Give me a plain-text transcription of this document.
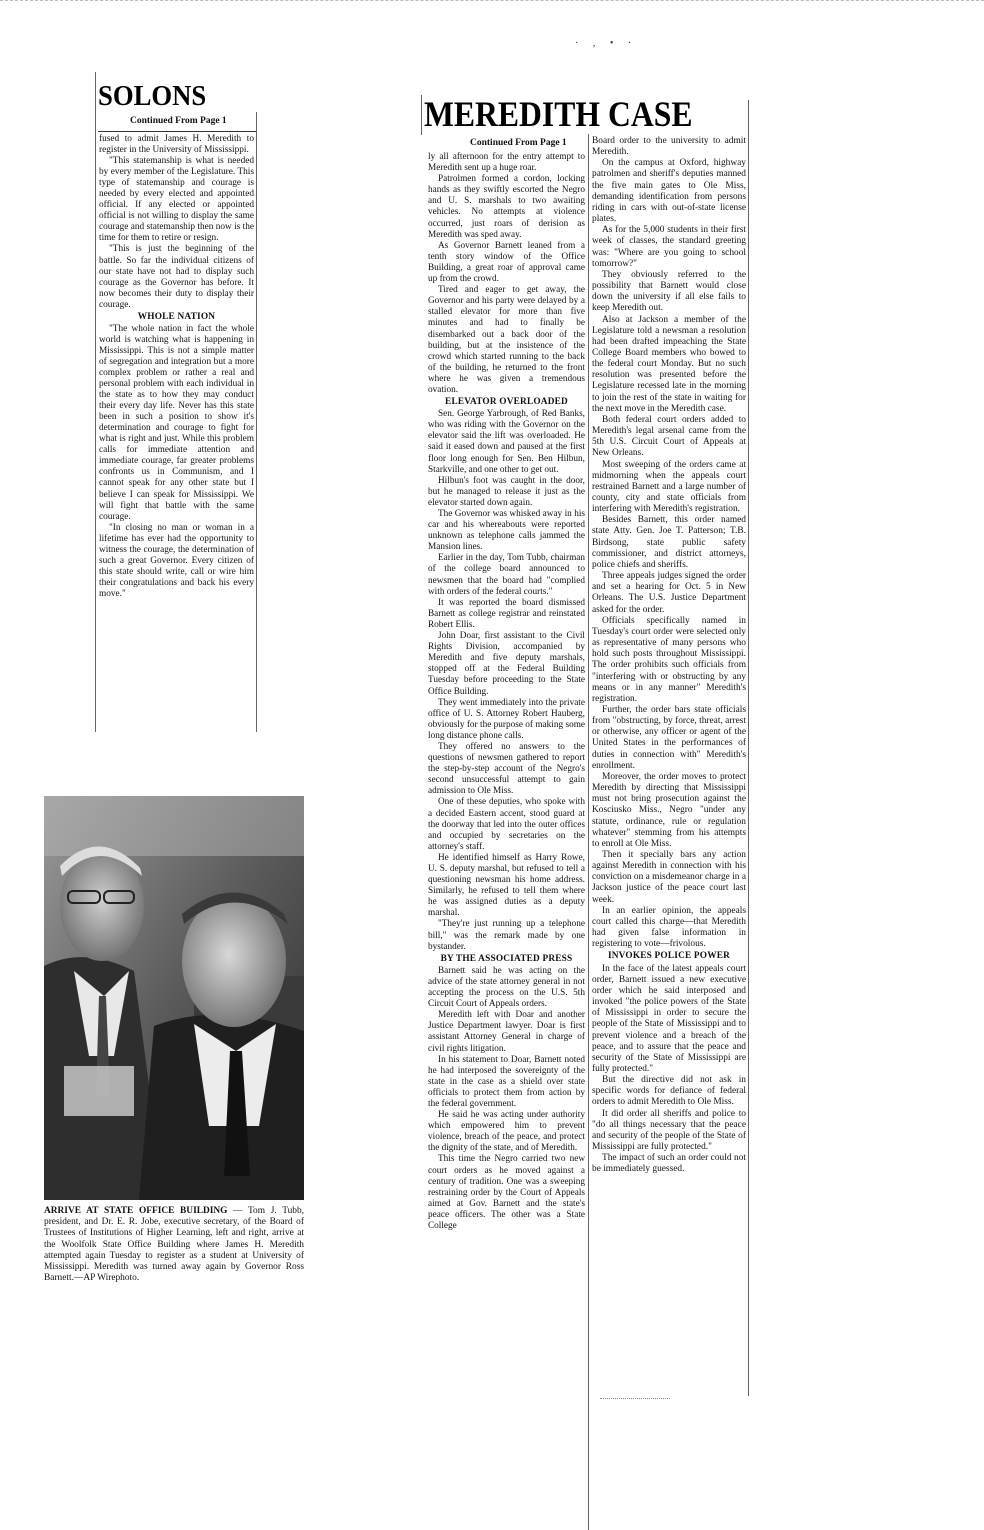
· , • ·
SOLONS
Continued From Page 1

fused to admit James H. Meredith to register in the University of Mississippi.

"This statemanship is what is needed by every member of the Legislature. This type of statemanship and courage is needed by every elected and appointed official. If any elected or appointed official is not willing to display the same courage and statemanship then now is the time for them to retire or resign.

"This is just the beginning of the battle. So far the individual citizens of our state have not had to display such courage as the Governor has before. It now becomes their duty to display their courage.

WHOLE NATION

"The whole nation in fact the whole world is watching what is happening in Mississippi. This is not a simple matter of segregation and integration but a more complex problem or rather a real and personal problem with each individual in the state as to how they may conduct their every day life. Never has this state been in such a position to show it's determination and courage to fight for what is right and just. While this problem calls for immediate attention and immediate courage, far greater problems confronts us in Communism, and I cannot speak for any other state but I believe I can speak for Mississippi. We will fight that battle with the same courage.

"In closing no man or woman in a lifetime has ever had the opportunity to witness the courage, the determination of such a great Governor. Every citizen of this state should write, call or wire him their congratulations and back his every move."

ARRIVE AT STATE OFFICE BUILDING — Tom J. Tubb, president, and Dr. E. R. Jobe, executive secretary, of the Board of Trustees of Institutions of Higher Learning, left and right, arrive at the Woolfolk State Office Building where James H. Meredith attempted again Tuesday to register as a student at University of Mississippi. Meredith was turned away again by Governor Ross Barnett.—AP Wirephoto.
MEREDITH CASE
Continued From Page 1

ly all afternoon for the entry attempt to Meredith sent up a huge roar.

Patrolmen formed a cordon, locking hands as they swiftly escorted the Negro and U. S. marshals to two awaiting vehicles. No attempts at violence occurred, just roars of derision as Meredith was sped away.

As Governor Barnett leaned from a tenth story window of the Office Building, a great roar of approval came up from the crowd.

Tired and eager to get away, the Governor and his party were delayed by a stalled elevator for more than five minutes and had to finally be disembarked out a back door of the building, but at the insistence of the crowd which started running to the back of the building, he returned to the front where he was given a tremendous ovation.

ELEVATOR OVERLOADED

Sen. George Yarbrough, of Red Banks, who was riding with the Governor on the elevator said the lift was overloaded. He said it eased down and paused at the first floor long enough for Sen. Ben Hilbun, Starkville, and one other to get out.

Hilbun's foot was caught in the door, but he managed to release it just as the elevator started down again.

The Governor was whisked away in his car and his whereabouts were reported unknown as telephone calls jammed the Mansion lines.

Earlier in the day, Tom Tubb, chairman of the college board announced to newsmen that the board had "complied with orders of the federal courts."

It was reported the board dismissed Barnett as college registrar and reinstated Robert Ellis.

John Doar, first assistant to the Civil Rights Division, accompanied by Meredith and five deputy marshals, stopped off at the Federal Building Tuesday before proceeding to the State Office Building.

They went immediately into the private office of U. S. Attorney Robert Hauberg, obviously for the purpose of making some long distance phone calls.

They offered no answers to the questions of newsmen gathered to report the step-by-step account of the Negro's second unsuccessful attempt to gain admission to Ole Miss.

One of these deputies, who spoke with a decided Eastern accent, stood guard at the doorway that led into the outer offices and occupied by secretaries on the attorney's staff.

He identified himself as Harry Rowe, U. S. deputy marshal, but refused to tell a questioning newsman his home address. Similarly, he refused to tell them where he was assigned duties as a deputy marshal.

"They're just running up a telephone bill," was the remark made by one bystander.

BY THE ASSOCIATED PRESS

Barnett said he was acting on the advice of the state attorney general in not accepting the process on the U.S. 5th Circuit Court of Appeals orders.

Meredith left with Doar and another Justice Department lawyer. Doar is first assistant Attorney General in charge of civil rights litigation.

In his statement to Doar, Barnett noted he had interposed the sovereignty of the state in the case as a shield over state officials to protect them from action by the federal government.

He said he was acting under authority which empowered him to prevent violence, breach of the peace, and protect the dignity of the state, and of Meredith.

This time the Negro carried two new court orders as he moved against a century of tradition. One was a sweeping restraining order by the Court of Appeals aimed at Gov. Barnett and the state's peace officers. The other was a State College

Board order to the university to admit Meredith.

On the campus at Oxford, highway patrolmen and sheriff's deputies manned the five main gates to Ole Miss, demanding identification from persons riding in cars with out-of-state license plates.

As for the 5,000 students in their first week of classes, the standard greeting was: "Where are you going to school tomorrow?"

They obviously referred to the possibility that Barnett would close down the university if all else fails to keep Meredith out.

Also at Jackson a member of the Legislature told a newsman a resolution had been drafted impeaching the State College Board members who bowed to the federal court Monday. But no such resolution was presented before the Legislature recessed late in the morning to join the rest of the state in waiting for the next move in the Meredith case.

Both federal court orders added to Meredith's legal arsenal came from the 5th U.S. Circuit Court of Appeals at New Orleans.

Most sweeping of the orders came at midmorning when the appeals court restrained Barnett and a large number of county, city and state officials from interfering with Meredith's registration.

Besides Barnett, this order named state Atty. Gen. Joe T. Patterson; T.B. Birdsong, state public safety commissioner, and district attorneys, police chiefs and sheriffs.

Three appeals judges signed the order and set a hearing for Oct. 5 in New Orleans. The U.S. Justice Department asked for the order.

Officials specifically named in Tuesday's court order were selected only as representative of many persons who hold such posts throughout Mississippi. The order prohibits such officials from "interfering with or obstructing by any means or in any manner" Meredith's registration.

Further, the order bars state officials from "obstructing, by force, threat, arrest or otherwise, any officer or agent of the United States in the performances of duties in connection with" Meredith's enrollment.

Moreover, the order moves to protect Meredith by directing that Mississippi must not bring prosecution against the Kosciusko Miss., Negro "under any statute, ordinance, rule or regulation whatever" stemming from his attempts to enroll at Ole Miss.

Then it specially bars any action against Meredith in connection with his conviction on a misdemeanor charge in a Jackson justice of the peace court last week.

In an earlier opinion, the appeals court called this charge—that Meredith had given false information in registering to vote—frivolous.

INVOKES POLICE POWER

In the face of the latest appeals court order, Barnett issued a new executive order which he said interposed and invoked "the police powers of the State of Mississippi in order to secure the people of the State of Mississippi and to prevent violence and a breach of the peace, and to assure that the peace and security of the State of Mississippi are fully protected."

But the directive did not ask in specific words for defiance of federal orders to admit Meredith to Ole Miss.

It did order all sheriffs and police to "do all things necessary that the peace and security of the people of the State of Mississippi are fully protected."

The impact of such an order could not be immediately guessed.
